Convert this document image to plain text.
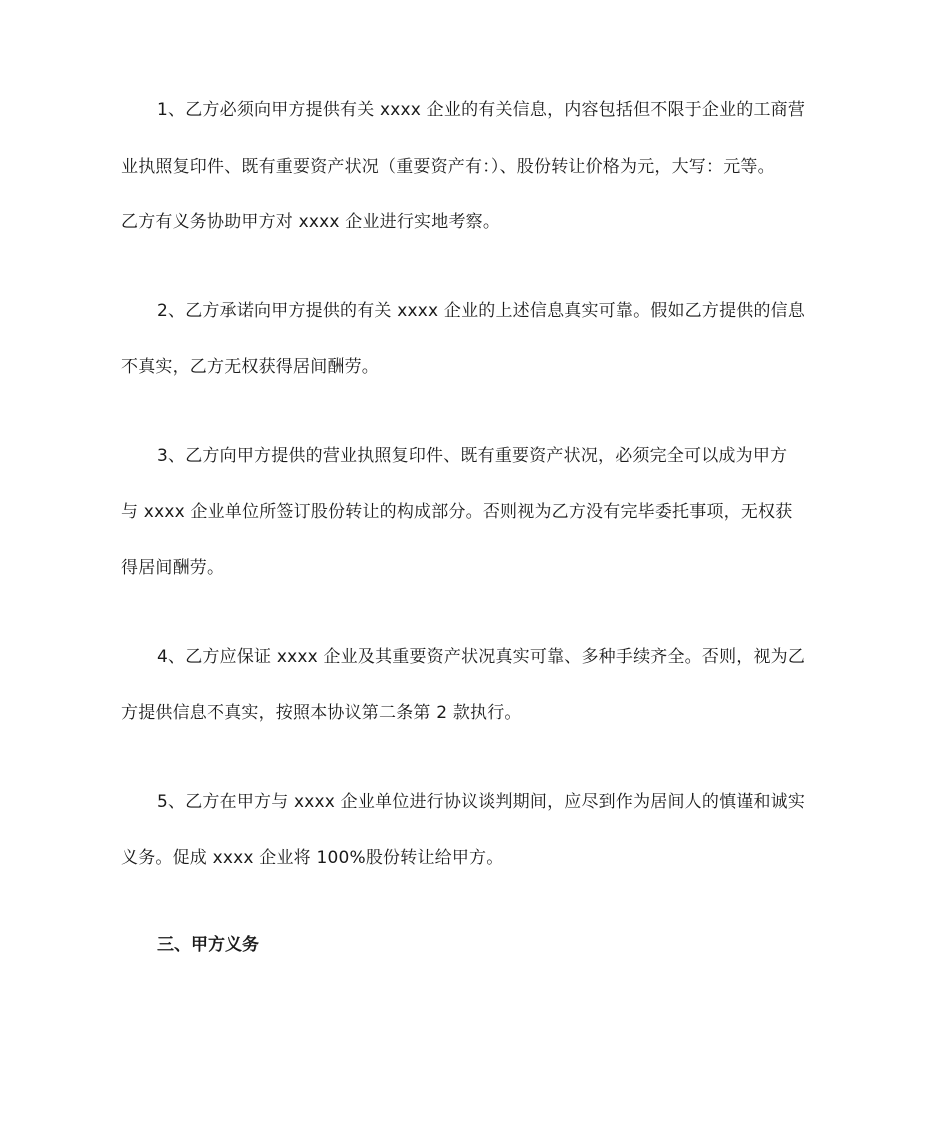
1、乙方必须向甲方提供有关 xxxx 企业的有关信息，内容包括但不限于企业的工商营
业执照复印件、既有重要资产状况（重要资产有：）、股份转让价格为元，大写：元等。
乙方有义务协助甲方对 xxxx 企业进行实地考察。
2、乙方承诺向甲方提供的有关 xxxx 企业的上述信息真实可靠。假如乙方提供的信息
不真实，乙方无权获得居间酬劳。
3、乙方向甲方提供的营业执照复印件、既有重要资产状况，必须完全可以成为甲方
与 xxxx 企业单位所签订股份转让的构成部分。否则视为乙方没有完毕委托事项，无权获
得居间酬劳。
4、乙方应保证 xxxx 企业及其重要资产状况真实可靠、多种手续齐全。否则，视为乙
方提供信息不真实，按照本协议第二条第 2 款执行。
5、乙方在甲方与 xxxx 企业单位进行协议谈判期间，应尽到作为居间人的慎谨和诚实
义务。促成 xxxx 企业将 100%股份转让给甲方。
三、甲方义务
